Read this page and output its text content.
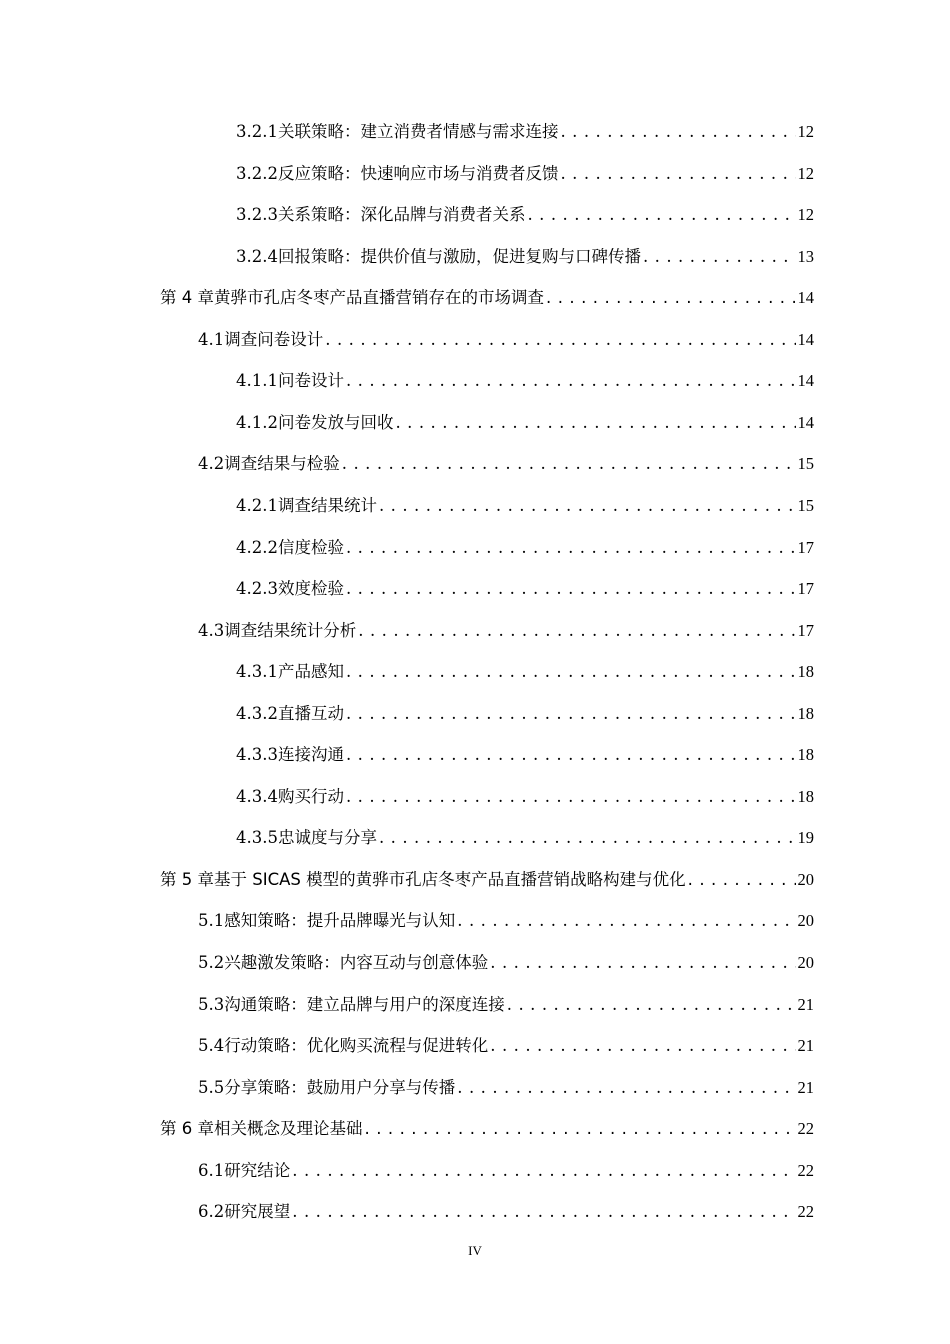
3.2.1 关联策略：建立消费者情感与需求连接 . . .	12
3.2.2 反应策略：快速响应市场与消费者反馈 . . .	12
3.2.3 关系策略：深化品牌与消费者关系 . . .	12
3.2.4 回报策略：提供价值与激励，促进复购与口碑传播 . . .	13
第 4 章 黄骅市孔店冬枣产品直播营销存在的市场调查 . . .	14
4.1 调查问卷设计 . . .	14
4.1.1 问卷设计 . . .	14
4.1.2 问卷发放与回收 . . .	14
4.2 调查结果与检验 . . .	15
4.2.1 调查结果统计 . . .	15
4.2.2 信度检验 . . .	17
4.2.3 效度检验 . . .	17
4.3 调查结果统计分析 . . .	17
4.3.1 产品感知 . . .	18
4.3.2 直播互动 . . .	18
4.3.3 连接沟通 . . .	18
4.3.4 购买行动 . . .	18
4.3.5 忠诚度与分享 . . .	19
第 5 章 基于 SICAS 模型的黄骅市孔店冬枣产品直播营销战略构建与优化 . . .	20
5.1 感知策略：提升品牌曝光与认知 . . .	20
5.2 兴趣激发策略：内容互动与创意体验 . . .	20
5.3 沟通策略：建立品牌与用户的深度连接 . . .	21
5.4 行动策略：优化购买流程与促进转化 . . .	21
5.5 分享策略：鼓励用户分享与传播 . . .	21
第 6 章 相关概念及理论基础 . . .	22
6.1 研究结论 . . .	22
6.2 研究展望 . . .	22
IV
